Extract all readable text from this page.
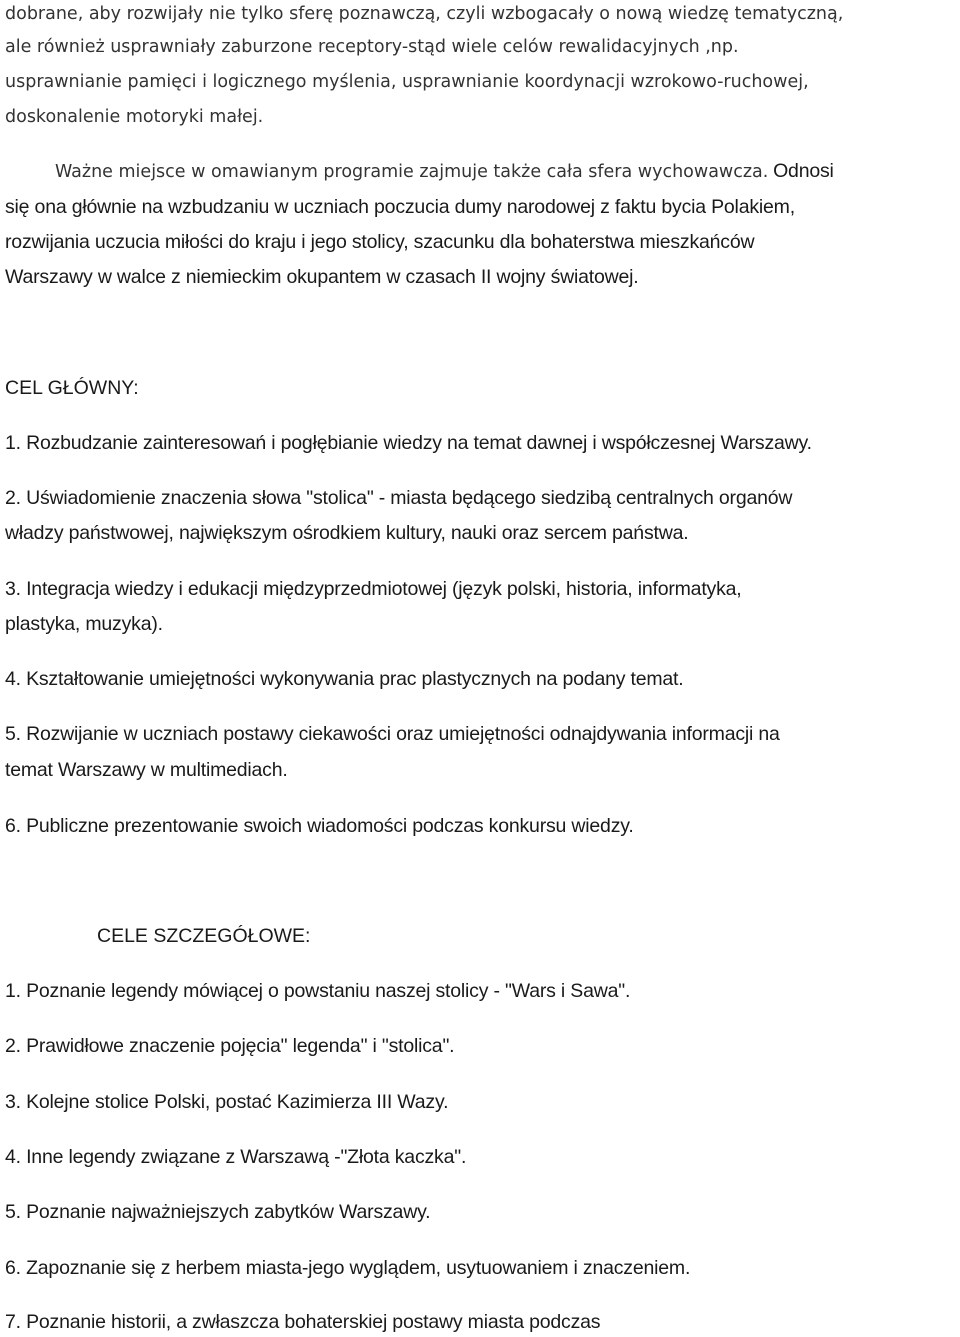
dobrane, aby rozwijały nie tylko sferę poznawczą, czyli wzbogacały o nową wiedzę tematyczną,

ale również usprawniały zaburzone receptory-stąd wiele celów rewalidacyjnych ,np.

usprawnianie pamięci i logicznego myślenia, usprawnianie koordynacji wzrokowo-ruchowej,

doskonalenie motoryki małej.

Ważne miejsce w omawianym programie zajmuje także cała sfera wychowawcza. Odnosi

się ona głównie na wzbudzaniu w uczniach poczucia dumy narodowej z faktu bycia Polakiem,

rozwijania uczucia miłości do kraju i jego stolicy, szacunku dla bohaterstwa mieszkańców

Warszawy w walce z niemieckim okupantem w czasach II wojny światowej.

CEL GŁÓWNY:

1. Rozbudzanie zainteresowań i pogłębianie wiedzy na temat dawnej i współczesnej Warszawy.

2. Uświadomienie znaczenia słowa "stolica" - miasta będącego siedzibą centralnych organów

władzy państwowej, największym ośrodkiem kultury, nauki oraz sercem państwa.

3. Integracja wiedzy i edukacji międzyprzedmiotowej (język polski, historia, informatyka,

plastyka, muzyka).

4. Kształtowanie umiejętności wykonywania prac plastycznych na podany temat.

5. Rozwijanie w uczniach postawy ciekawości oraz umiejętności odnajdywania informacji na

temat Warszawy w multimediach.

6. Publiczne prezentowanie swoich wiadomości podczas konkursu wiedzy.

CELE SZCZEGÓŁOWE:

1. Poznanie legendy mówiącej o powstaniu naszej stolicy - "Wars i Sawa".

2. Prawidłowe znaczenie pojęcia" legenda" i "stolica".

3. Kolejne stolice Polski, postać Kazimierza III Wazy.

4. Inne legendy związane z Warszawą -"Złota kaczka".

5. Poznanie najważniejszych zabytków Warszawy.

6. Zapoznanie się z herbem miasta-jego wyglądem, usytuowaniem i znaczeniem.

7. Poznanie historii, a zwłaszcza bohaterskiej postawy miasta podczas
